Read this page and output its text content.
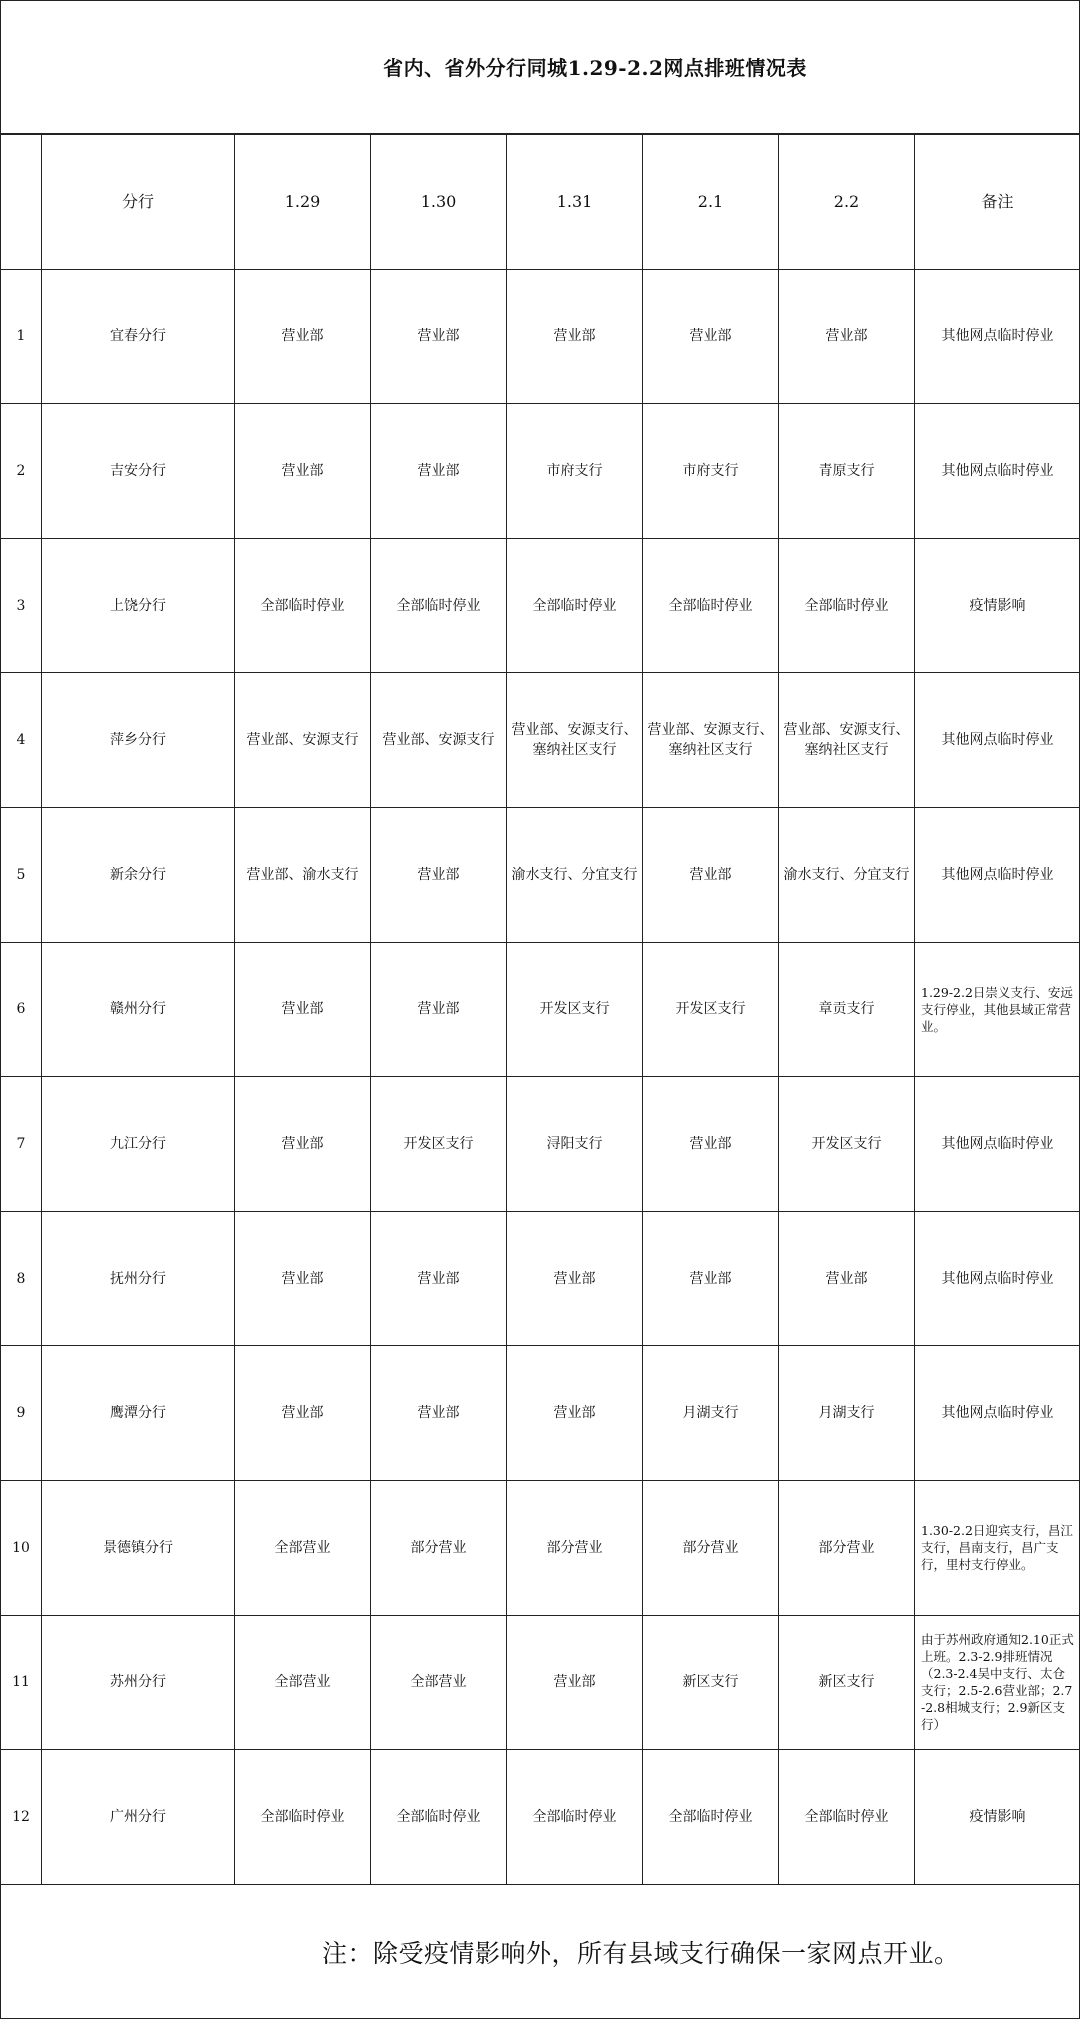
省内、省外分行同城1.29-2.2网点排班情况表
	分行	1.29	1.30	1.31	2.1	2.2	备注
1	宜春分行	营业部	营业部	营业部	营业部	营业部	其他网点临时停业
2	吉安分行	营业部	营业部	市府支行	市府支行	青原支行	其他网点临时停业
3	上饶分行	全部临时停业	全部临时停业	全部临时停业	全部临时停业	全部临时停业	疫情影响
4	萍乡分行	营业部、安源支行	营业部、安源支行	营业部、安源支行、塞纳社区支行	营业部、安源支行、塞纳社区支行	营业部、安源支行、塞纳社区支行	其他网点临时停业
5	新余分行	营业部、渝水支行	营业部	渝水支行、分宜支行	营业部	渝水支行、分宜支行	其他网点临时停业
6	赣州分行	营业部	营业部	开发区支行	开发区支行	章贡支行	1.29-2.2日崇义支行、安远支行停业，其他县域正常营业。
7	九江分行	营业部	开发区支行	浔阳支行	营业部	开发区支行	其他网点临时停业
8	抚州分行	营业部	营业部	营业部	营业部	营业部	其他网点临时停业
9	鹰潭分行	营业部	营业部	营业部	月湖支行	月湖支行	其他网点临时停业
10	景德镇分行	全部营业	部分营业	部分营业	部分营业	部分营业	1.30-2.2日迎宾支行，昌江支行，昌南支行，昌广支行，里村支行停业。
11	苏州分行	全部营业	全部营业	营业部	新区支行	新区支行	由于苏州政府通知2.10正式上班。2.3-2.9排班情况（2.3-2.4吴中支行、太仓支行；2.5-2.6营业部；2.7-2.8相城支行；2.9新区支行）
12	广州分行	全部临时停业	全部临时停业	全部临时停业	全部临时停业	全部临时停业	疫情影响
注：除受疫情影响外，所有县域支行确保一家网点开业。
